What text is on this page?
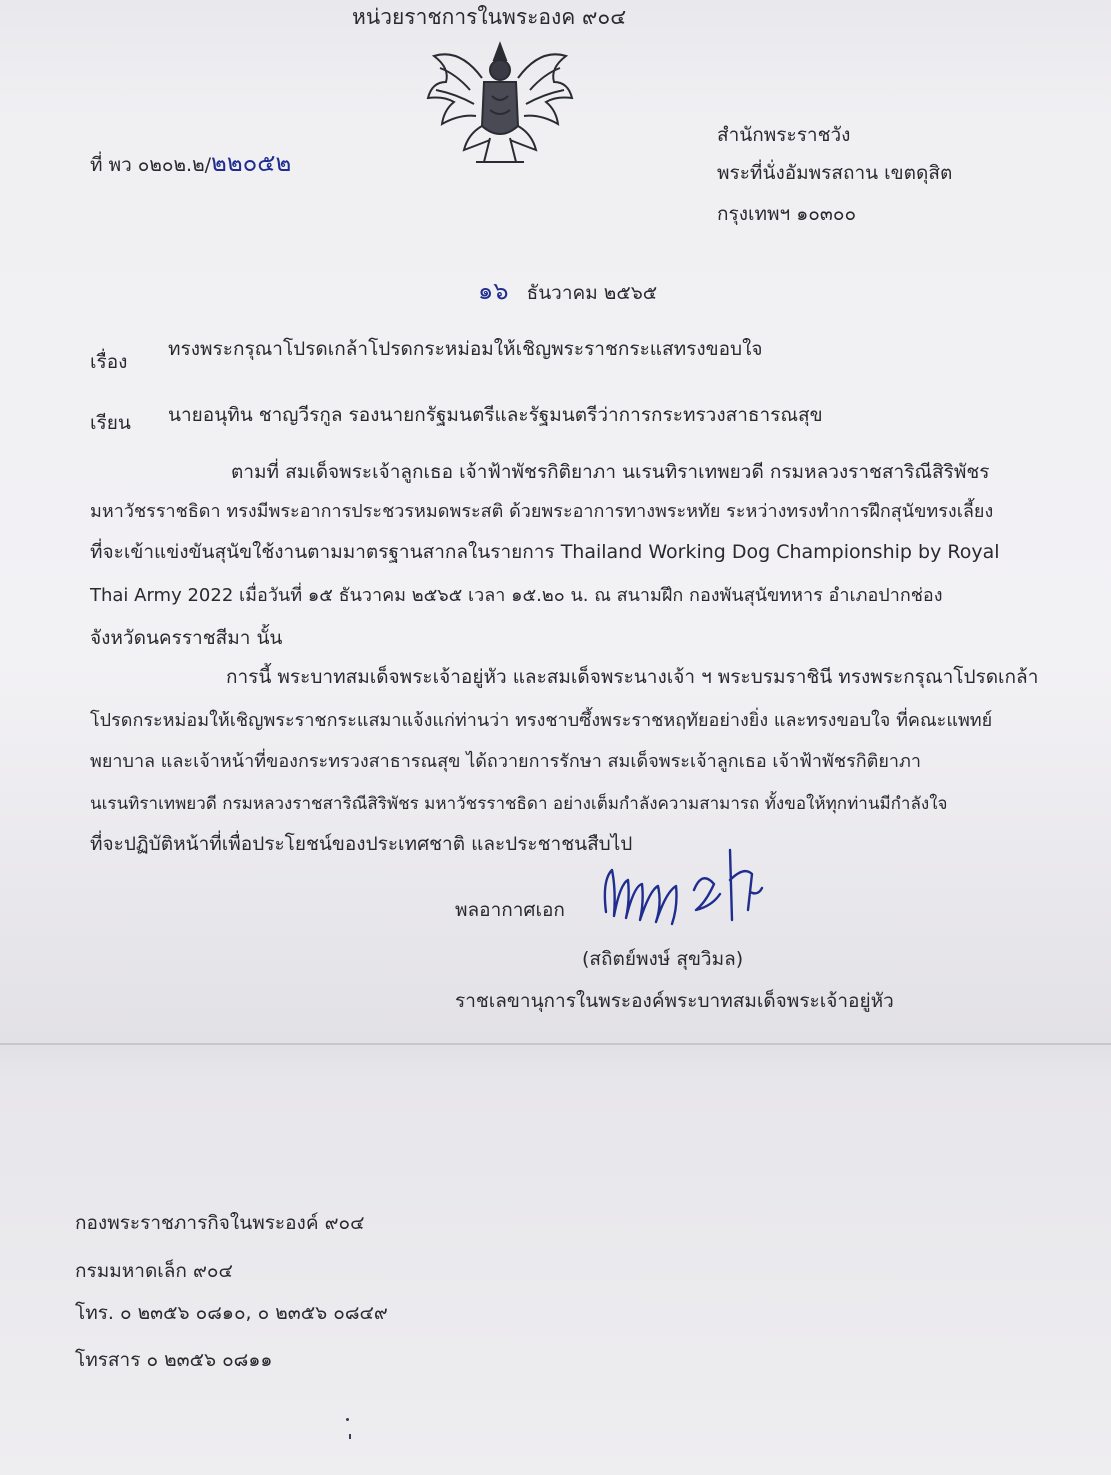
หน่วยราชการในพระองค ๙๐๔
ที่ พว ๐๒๐๒.๒/๒๒๐๕๒
สำนักพระราชวัง
พระที่นั่งอัมพรสถาน เขตดุสิต
กรุงเทพฯ ๑๐๓๐๐
๑๖ ธันวาคม ๒๕๖๕
เรื่อง
ทรงพระกรุณาโปรดเกล้าโปรดกระหม่อมให้เชิญพระราชกระแสทรงขอบใจ
เรียน นายอนุทิน ชาญวีรกูล รองนายกรัฐมนตรีและรัฐมนตรีว่าการกระทรวงสาธารณสุข
ตามที่ สมเด็จพระเจ้าลูกเธอ เจ้าฟ้าพัชรกิติยาภา นเรนทิราเทพยวดี กรมหลวงราชสาริณีสิริพัชร
มหาวัชรราชธิดา ทรงมีพระอาการประชวรหมดพระสติ ด้วยพระอาการทางพระหทัย ระหว่างทรงทำการฝึกสุนัขทรงเลี้ยง
ที่จะเข้าแข่งขันสุนัขใช้งานตามมาตรฐานสากลในรายการ Thailand Working Dog Championship by Royal
Thai Army 2022 เมื่อวันที่ ๑๕ ธันวาคม ๒๕๖๕ เวลา ๑๕.๒๐ น. ณ สนามฝึก กองพันสุนัขทหาร อำเภอปากช่อง
จังหวัดนครราชสีมา นั้น
การนี้ พระบาทสมเด็จพระเจ้าอยู่หัว และสมเด็จพระนางเจ้า ฯ พระบรมราชินี ทรงพระกรุณาโปรดเกล้า
โปรดกระหม่อมให้เชิญพระราชกระแสมาแจ้งแก่ท่านว่า ทรงชาบซึ้งพระราชหฤทัยอย่างยิ่ง และทรงขอบใจ ที่คณะแพทย์
พยาบาล และเจ้าหน้าที่ของกระทรวงสาธารณสุข ได้ถวายการรักษา สมเด็จพระเจ้าลูกเธอ เจ้าฟ้าพัชรกิติยาภา
นเรนทิราเทพยวดี กรมหลวงราชสาริณีสิริพัชร มหาวัชรราชธิดา อย่างเต็มกำลังความสามารถ ทั้งขอให้ทุกท่านมีกำลังใจ
ที่จะปฏิบัติหน้าที่เพื่อประโยชน์ของประเทศชาติ และประชาชนสืบไป
พลอากาศเอก
(สถิตย์พงษ์ สุขวิมล)
ราชเลขานุการในพระองค์พระบาทสมเด็จพระเจ้าอยู่หัว
กองพระราชภารกิจในพระองค์ ๙๐๔
กรมมหาดเล็ก ๙๐๔
โทร. ๐ ๒๓๕๖ ๐๘๑๐, ๐ ๒๓๕๖ ๐๘๔๙
โทรสาร ๐ ๒๓๕๖ ๐๘๑๑
